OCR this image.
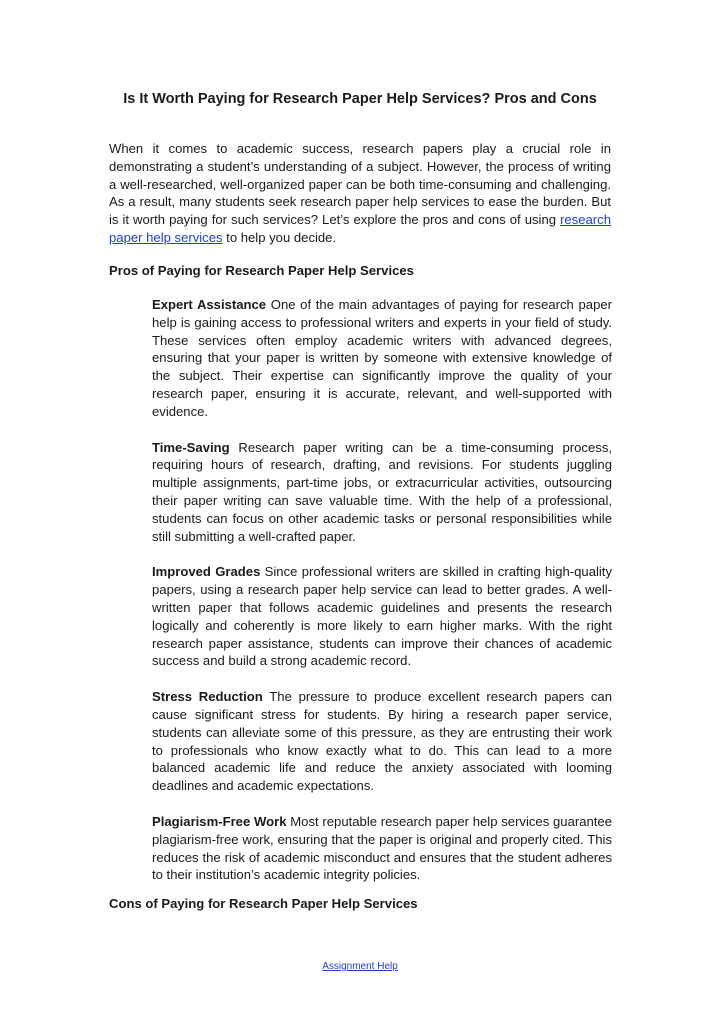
Is It Worth Paying for Research Paper Help Services? Pros and Cons

When it comes to academic success, research papers play a crucial role in demonstrating a student’s understanding of a subject. However, the process of writing a well-researched, well-organized paper can be both time-consuming and challenging. As a result, many students seek research paper help services to ease the burden. But is it worth paying for such services? Let’s explore the pros and cons of using research paper help services to help you decide.

Pros of Paying for Research Paper Help Services

Expert Assistance One of the main advantages of paying for research paper help is gaining access to professional writers and experts in your field of study. These services often employ academic writers with advanced degrees, ensuring that your paper is written by someone with extensive knowledge of the subject. Their expertise can significantly improve the quality of your research paper, ensuring it is accurate, relevant, and well-supported with evidence.

Time-Saving Research paper writing can be a time-consuming process, requiring hours of research, drafting, and revisions. For students juggling multiple assignments, part-time jobs, or extracurricular activities, outsourcing their paper writing can save valuable time. With the help of a professional, students can focus on other academic tasks or personal responsibilities while still submitting a well-crafted paper.

Improved Grades Since professional writers are skilled in crafting high-quality papers, using a research paper help service can lead to better grades. A well-written paper that follows academic guidelines and presents the research logically and coherently is more likely to earn higher marks. With the right research paper assistance, students can improve their chances of academic success and build a strong academic record.

Stress Reduction The pressure to produce excellent research papers can cause significant stress for students. By hiring a research paper service, students can alleviate some of this pressure, as they are entrusting their work to professionals who know exactly what to do. This can lead to a more balanced academic life and reduce the anxiety associated with looming deadlines and academic expectations.

Plagiarism-Free Work Most reputable research paper help services guarantee plagiarism-free work, ensuring that the paper is original and properly cited. This reduces the risk of academic misconduct and ensures that the student adheres to their institution’s academic integrity policies.

Cons of Paying for Research Paper Help Services
Assignment Help
